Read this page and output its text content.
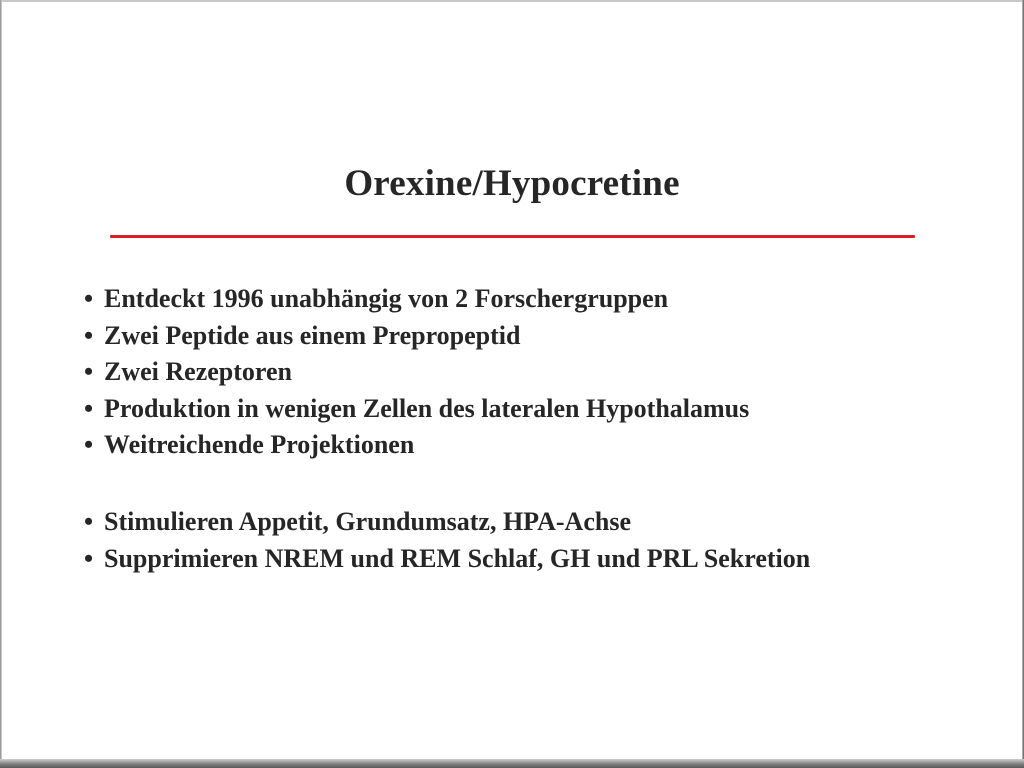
Orexine/Hypocretine
• Entdeckt 1996 unabhängig von 2 Forschergruppen
• Zwei Peptide aus einem Prepropeptid
• Zwei Rezeptoren
• Produktion in wenigen Zellen des lateralen Hypothalamus
• Weitreichende Projektionen
• Stimulieren Appetit, Grundumsatz, HPA-Achse
• Supprimieren NREM und REM Schlaf, GH und PRL Sekretion
